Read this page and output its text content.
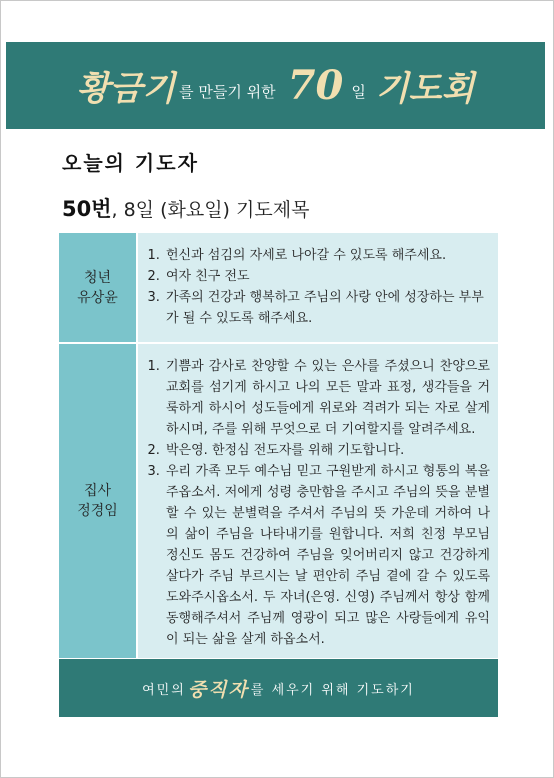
황금기 를 만들기 위한 70 일 기도회
오늘의 기도자
50번, 8일 (화요일) 기도제목
청년
유상윤
1. 헌신과 섬김의 자세로 나아갈 수 있도록 해주세요.
2. 여자 친구 전도
3. 가족의 건강과 행복하고 주님의 사랑 안에 성장하는 부부가 될 수 있도록 해주세요.
집사
정경임
1. 기쁨과 감사로 찬양할 수 있는 은사를 주셨으니 찬양으로 교회를 섬기게 하시고 나의 모든 말과 표정, 생각들을 거룩하게 하시어 성도들에게 위로와 격려가 되는 자로 살게 하시며, 주를 위해 무엇으로 더 기여할지를 알려주세요.
2. 박은영. 한정심 전도자를 위해 기도합니다.
3. 우리 가족 모두 예수님 믿고 구원받게 하시고 형통의 복을 주옵소서. 저에게 성령 충만함을 주시고 주님의 뜻을 분별할 수 있는 분별력을 주셔서 주님의 뜻 가운데 거하여 나의 삶이 주님을 나타내기를 원합니다. 저희 친정 부모님 정신도 몸도 건강하여 주님을 잊어버리지 않고 건강하게 살다가 주님 부르시는 날 편안히 주님 곁에 갈 수 있도록 도와주시옵소서. 두 자녀(은영. 신영) 주님께서 항상 함께 동행해주셔서 주님께 영광이 되고 많은 사랑들에게 유익이 되는 삶을 살게 하옵소서.
여민의 중직자 를 세우기 위해 기도하기
